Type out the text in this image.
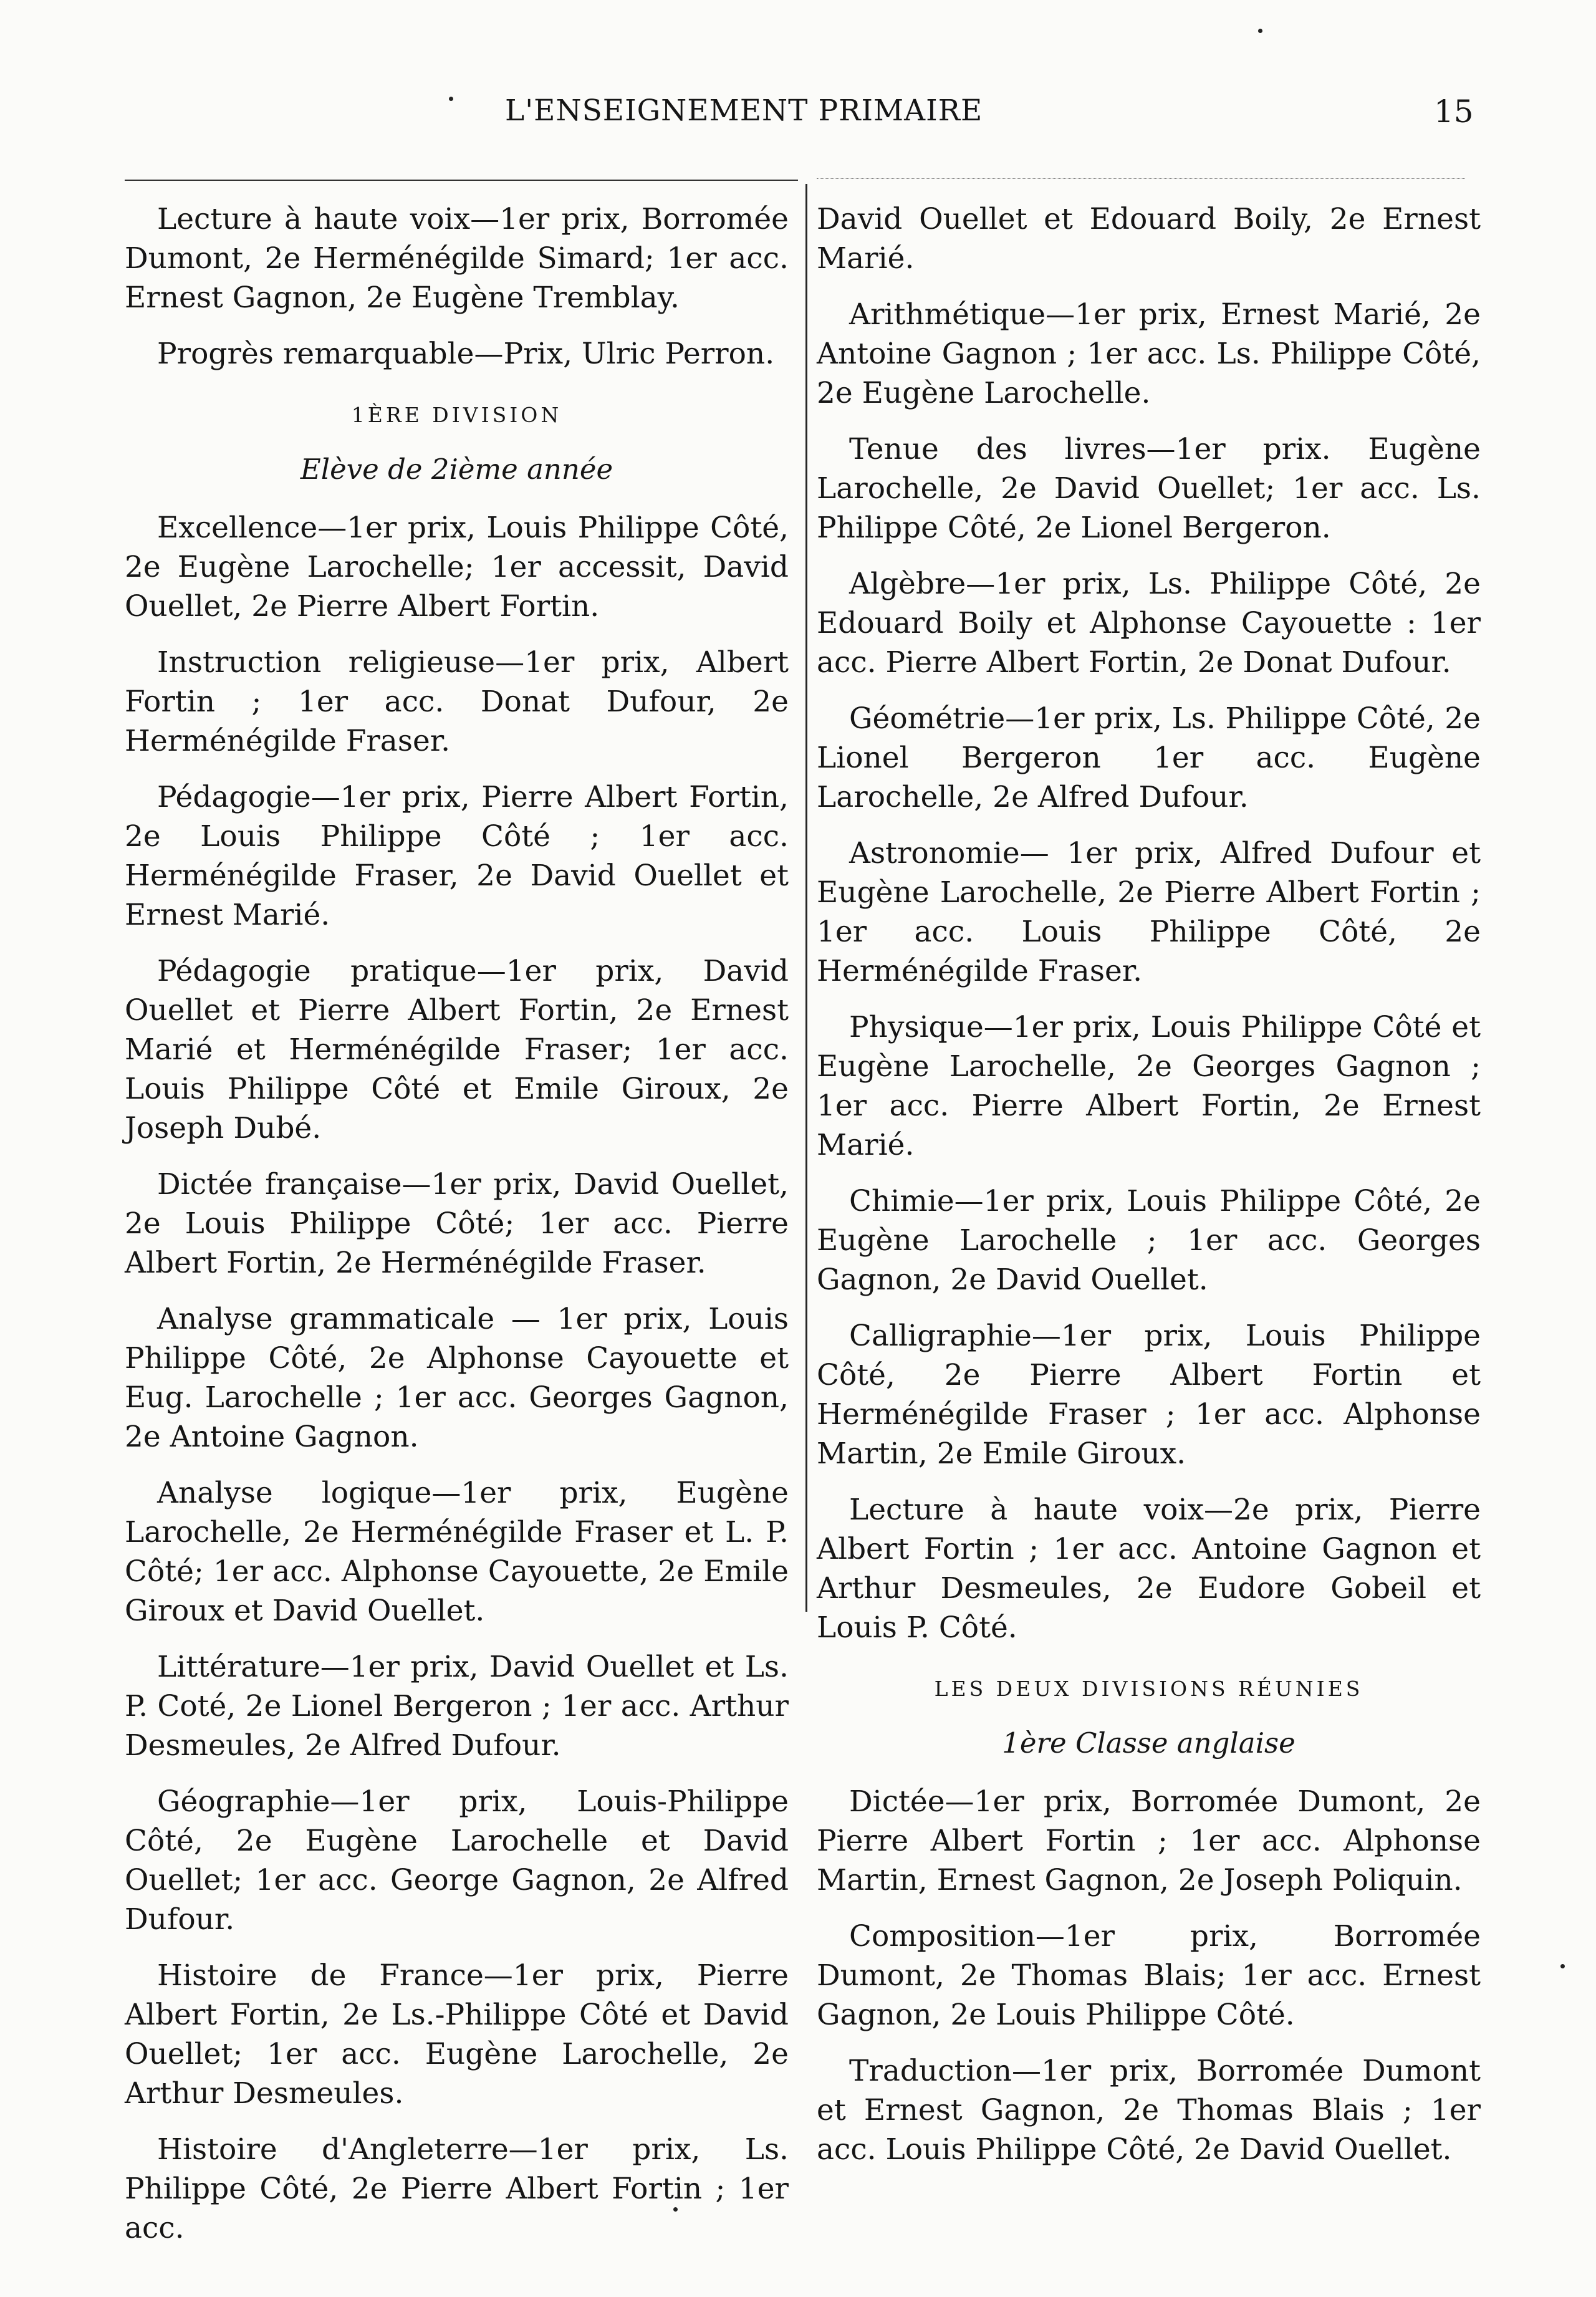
L'ENSEIGNEMENT PRIMAIRE	15

Lecture à haute voix—1er prix, Borromée Dumont, 2e Herménégilde Simard; 1er acc. Ernest Gagnon, 2e Eugène Tremblay.

Progrès remarquable—Prix, Ulric Perron.

1ÈRE DIVISION
Elève de 2ième année

Excellence—1er prix, Louis Philippe Côté, 2e Eugène Larochelle; 1er accessit, David Ouellet, 2e Pierre Albert Fortin.

Instruction religieuse—1er prix, Albert Fortin ; 1er acc. Donat Dufour, 2e Herménégilde Fraser.

Pédagogie—1er prix, Pierre Albert Fortin, 2e Louis Philippe Côté ; 1er acc. Herménégilde Fraser, 2e David Ouellet et Ernest Marié.

Pédagogie pratique—1er prix, David Ouellet et Pierre Albert Fortin, 2e Ernest Marié et Herménégilde Fraser; 1er acc. Louis Philippe Côté et Emile Giroux, 2e Joseph Dubé.

Dictée française—1er prix, David Ouellet, 2e Louis Philippe Côté; 1er acc. Pierre Albert Fortin, 2e Herménégilde Fraser.

Analyse grammaticale — 1er prix, Louis Philippe Côté, 2e Alphonse Cayouette et Eug. Larochelle ; 1er acc. Georges Gagnon, 2e Antoine Gagnon.

Analyse logique—1er prix, Eugène Larochelle, 2e Herménégilde Fraser et L. P. Côté; 1er acc. Alphonse Cayouette, 2e Emile Giroux et David Ouellet.

Littérature—1er prix, David Ouellet et Ls. P. Coté, 2e Lionel Bergeron ; 1er acc. Arthur Desmeules, 2e Alfred Dufour.

Géographie—1er prix, Louis-Philippe Côté, 2e Eugène Larochelle et David Ouellet; 1er acc. George Gagnon, 2e Alfred Dufour.

Histoire de France—1er prix, Pierre Albert Fortin, 2e Ls.-Philippe Côté et David Ouellet; 1er acc. Eugène Larochelle, 2e Arthur Desmeules.

Histoire d'Angleterre—1er prix, Ls. Philippe Côté, 2e Pierre Albert Fortin ; 1er acc.

David Ouellet et Edouard Boily, 2e Ernest Marié.

Arithmétique—1er prix, Ernest Marié, 2e Antoine Gagnon ; 1er acc. Ls. Philippe Côté, 2e Eugène Larochelle.

Tenue des livres—1er prix. Eugène Larochelle, 2e David Ouellet; 1er acc. Ls. Philippe Côté, 2e Lionel Bergeron.

Algèbre—1er prix, Ls. Philippe Côté, 2e Edouard Boily et Alphonse Cayouette : 1er acc. Pierre Albert Fortin, 2e Donat Dufour.

Géométrie—1er prix, Ls. Philippe Côté, 2e Lionel Bergeron 1er acc. Eugène Larochelle, 2e Alfred Dufour.

Astronomie— 1er prix, Alfred Dufour et Eugène Larochelle, 2e Pierre Albert Fortin ; 1er acc. Louis Philippe Côté, 2e Herménégilde Fraser.

Physique—1er prix, Louis Philippe Côté et Eugène Larochelle, 2e Georges Gagnon ; 1er acc. Pierre Albert Fortin, 2e Ernest Marié.

Chimie—1er prix, Louis Philippe Côté, 2e Eugène Larochelle ; 1er acc. Georges Gagnon, 2e David Ouellet.

Calligraphie—1er prix, Louis Philippe Côté, 2e Pierre Albert Fortin et Herménégilde Fraser ; 1er acc. Alphonse Martin, 2e Emile Giroux.

Lecture à haute voix—2e prix, Pierre Albert Fortin ; 1er acc. Antoine Gagnon et Arthur Desmeules, 2e Eudore Gobeil et Louis P. Côté.

LES DEUX DIVISIONS RÉUNIES
1ère Classe anglaise

Dictée—1er prix, Borromée Dumont, 2e Pierre Albert Fortin ; 1er acc. Alphonse Martin, Ernest Gagnon, 2e Joseph Poliquin.

Composition—1er prix, Borromée Dumont, 2e Thomas Blais; 1er acc. Ernest Gagnon, 2e Louis Philippe Côté.

Traduction—1er prix, Borromée Dumont et Ernest Gagnon, 2e Thomas Blais ; 1er acc. Louis Philippe Côté, 2e David Ouellet.
